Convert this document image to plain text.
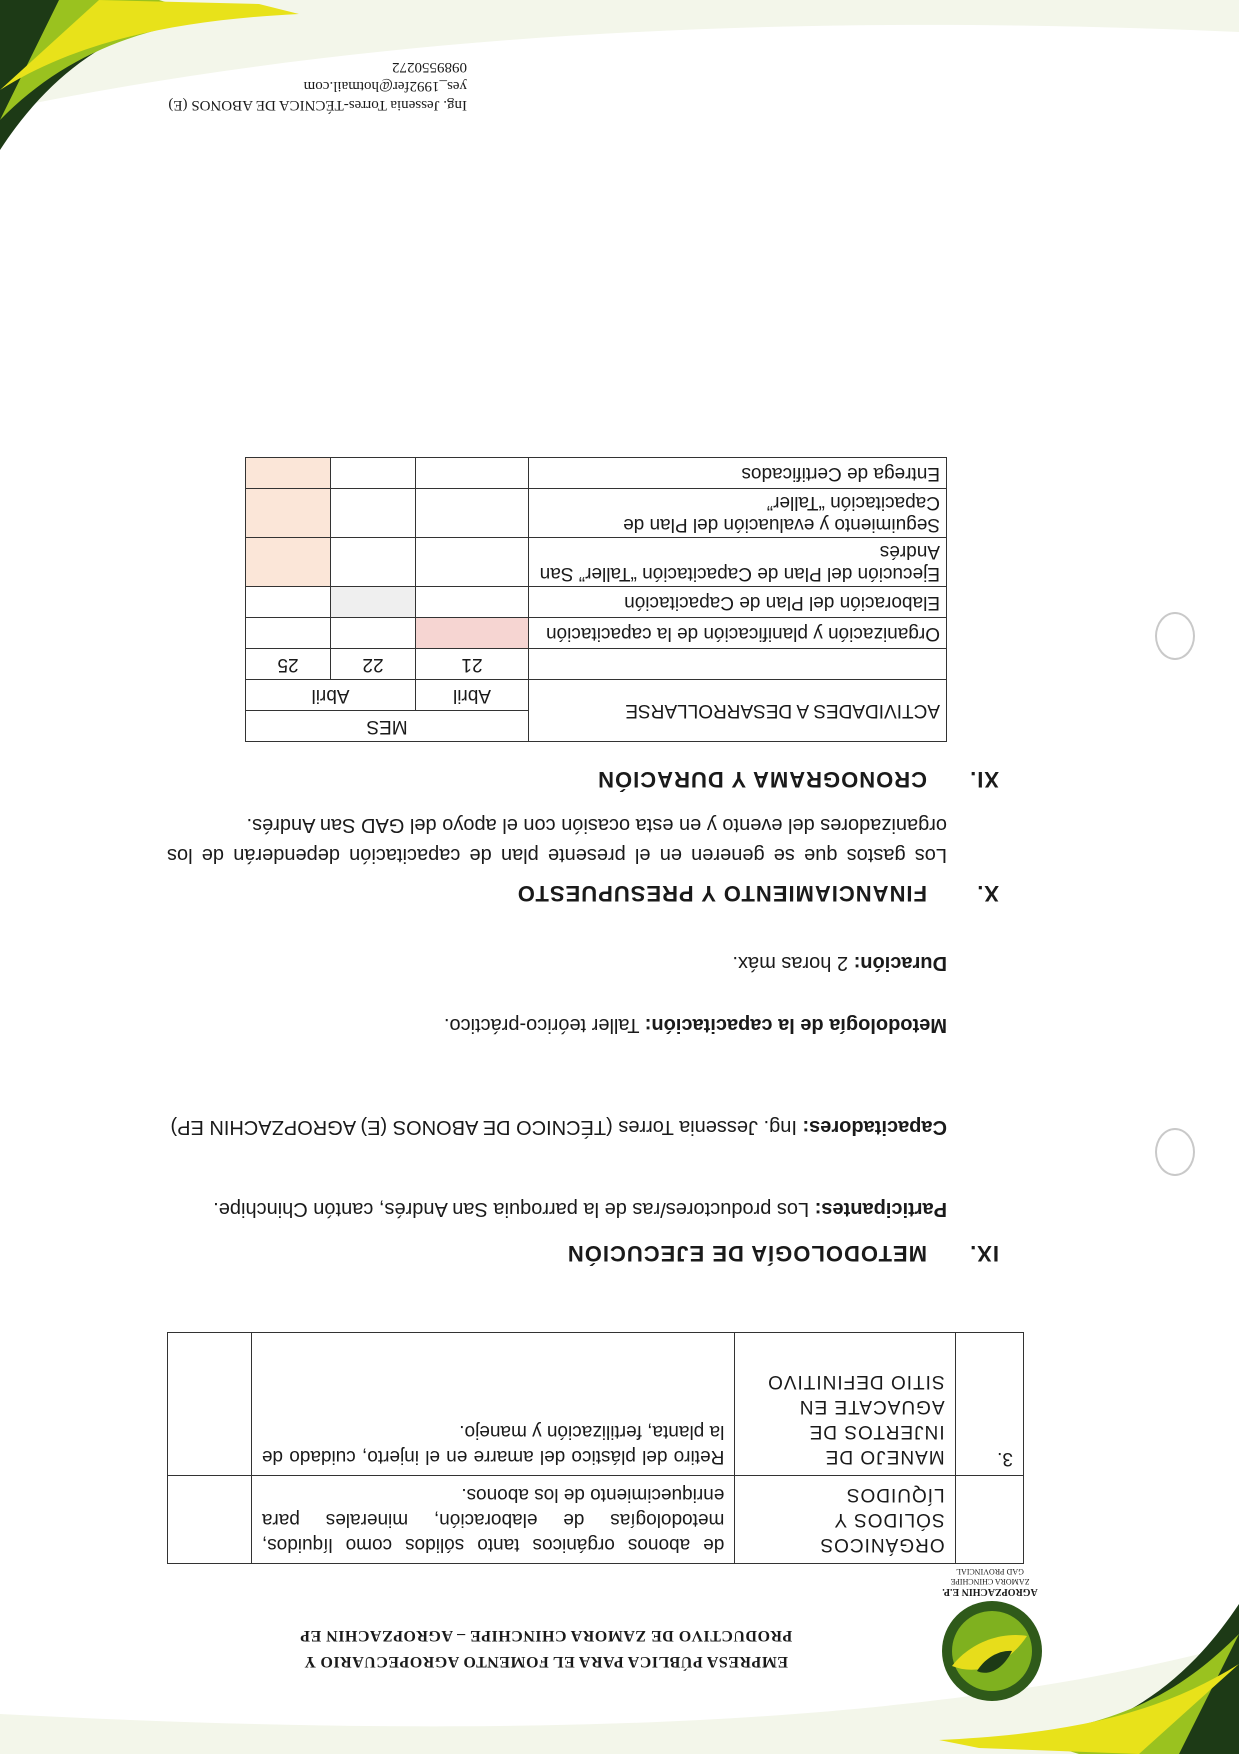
AGROPZACHIN E.P.
ZAMORA CHINCHIPE
GAD PROVINCIAL
EMPRESA PÚBLICA PARA EL FOMENTO AGROPECUARIO Y
PRODUCTIVO DE ZAMORA CHINCHIPE – AGROPZACHIN EP
	ORGÁNICOS SÓLIDOS Y LÍQUIDOS	de abonos orgánicos tanto sólidos como líquidos, metodologías de elaboración, minerales para enriquecimiento de los abonos.	
3.	MANEJO DE INJERTOS DE AGUACATE EN SITIO DEFINITIVO	Retiro del plástico del amarre en el injerto, cuidado de la planta, fertilización y manejo.	
IX.METODOLOGÍA DE EJECUCIÓN
Participantes: Los productores/ras de la parroquia San Andrés, cantón Chinchipe.
Capacitadores: Ing. Jessenia Torres (TÉCNICO DE ABONOS (E) AGROPZACHIN EP)
Metodología de la capacitación: Taller teórico-práctico.
Duración: 2 horas máx.
X.FINANCIAMIENTO Y PRESUPUESTO
Los gastos que se generen en el presente plan de capacitación dependerán de los organizadores del evento y en esta ocasión con el apoyo del GAD San Andrés.
XI.CRONOGRAMA Y DURACIÓN
ACTIVIDADES A DESARROLLARSE	MES		
	Abril	Abril	
	21	22	25
Organización y planificación de la capacitación			
Elaboración del Plan de Capacitación			
Ejecución del Plan de Capacitación “Taller” San Andrés			
Seguimiento y evaluación del Plan de Capacitación “Taller”			
Entrega de Certificados			
Ing. Jessenia Torres-TÉCNICA DE ABONOS (E)
yes_1992fer@hotmail.com
0989550272
